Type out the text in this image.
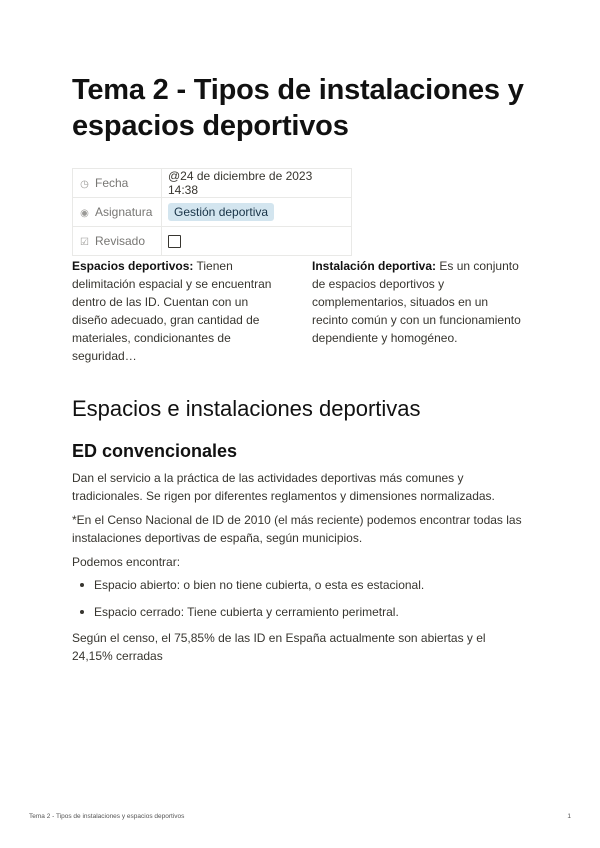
Tema 2 - Tipos de instalaciones y espacios deportivos
◷ Fecha	@24 de diciembre de 2023 14:38
◉ Asignatura	Gestión deportiva
☑ Revisado	
Espacios deportivos: Tienen delimitación espacial y se encuentran dentro de las ID. Cuentan con un diseño adecuado, gran cantidad de materiales, condicionantes de seguridad…
Instalación deportiva: Es un conjunto de espacios deportivos y complementarios, situados en un recinto común y con un funcionamiento dependiente y homogéneo.
Espacios e instalaciones deportivas
ED convencionales

Dan el servicio a la práctica de las actividades deportivas más comunes y tradicionales. Se rigen por diferentes reglamentos y dimensiones normalizadas.

*En el Censo Nacional de ID de 2010 (el más reciente) podemos encontrar todas las instalaciones deportivas de españa, según municipios.

Podemos encontrar:

Espacio abierto: o bien no tiene cubierta, o esta es estacional.
Espacio cerrado: Tiene cubierta y cerramiento perimetral.

Según el censo, el 75,85% de las ID en España actualmente son abiertas y el 24,15% cerradas

Tema 2 - Tipos de instalaciones y espacios deportivos	1
